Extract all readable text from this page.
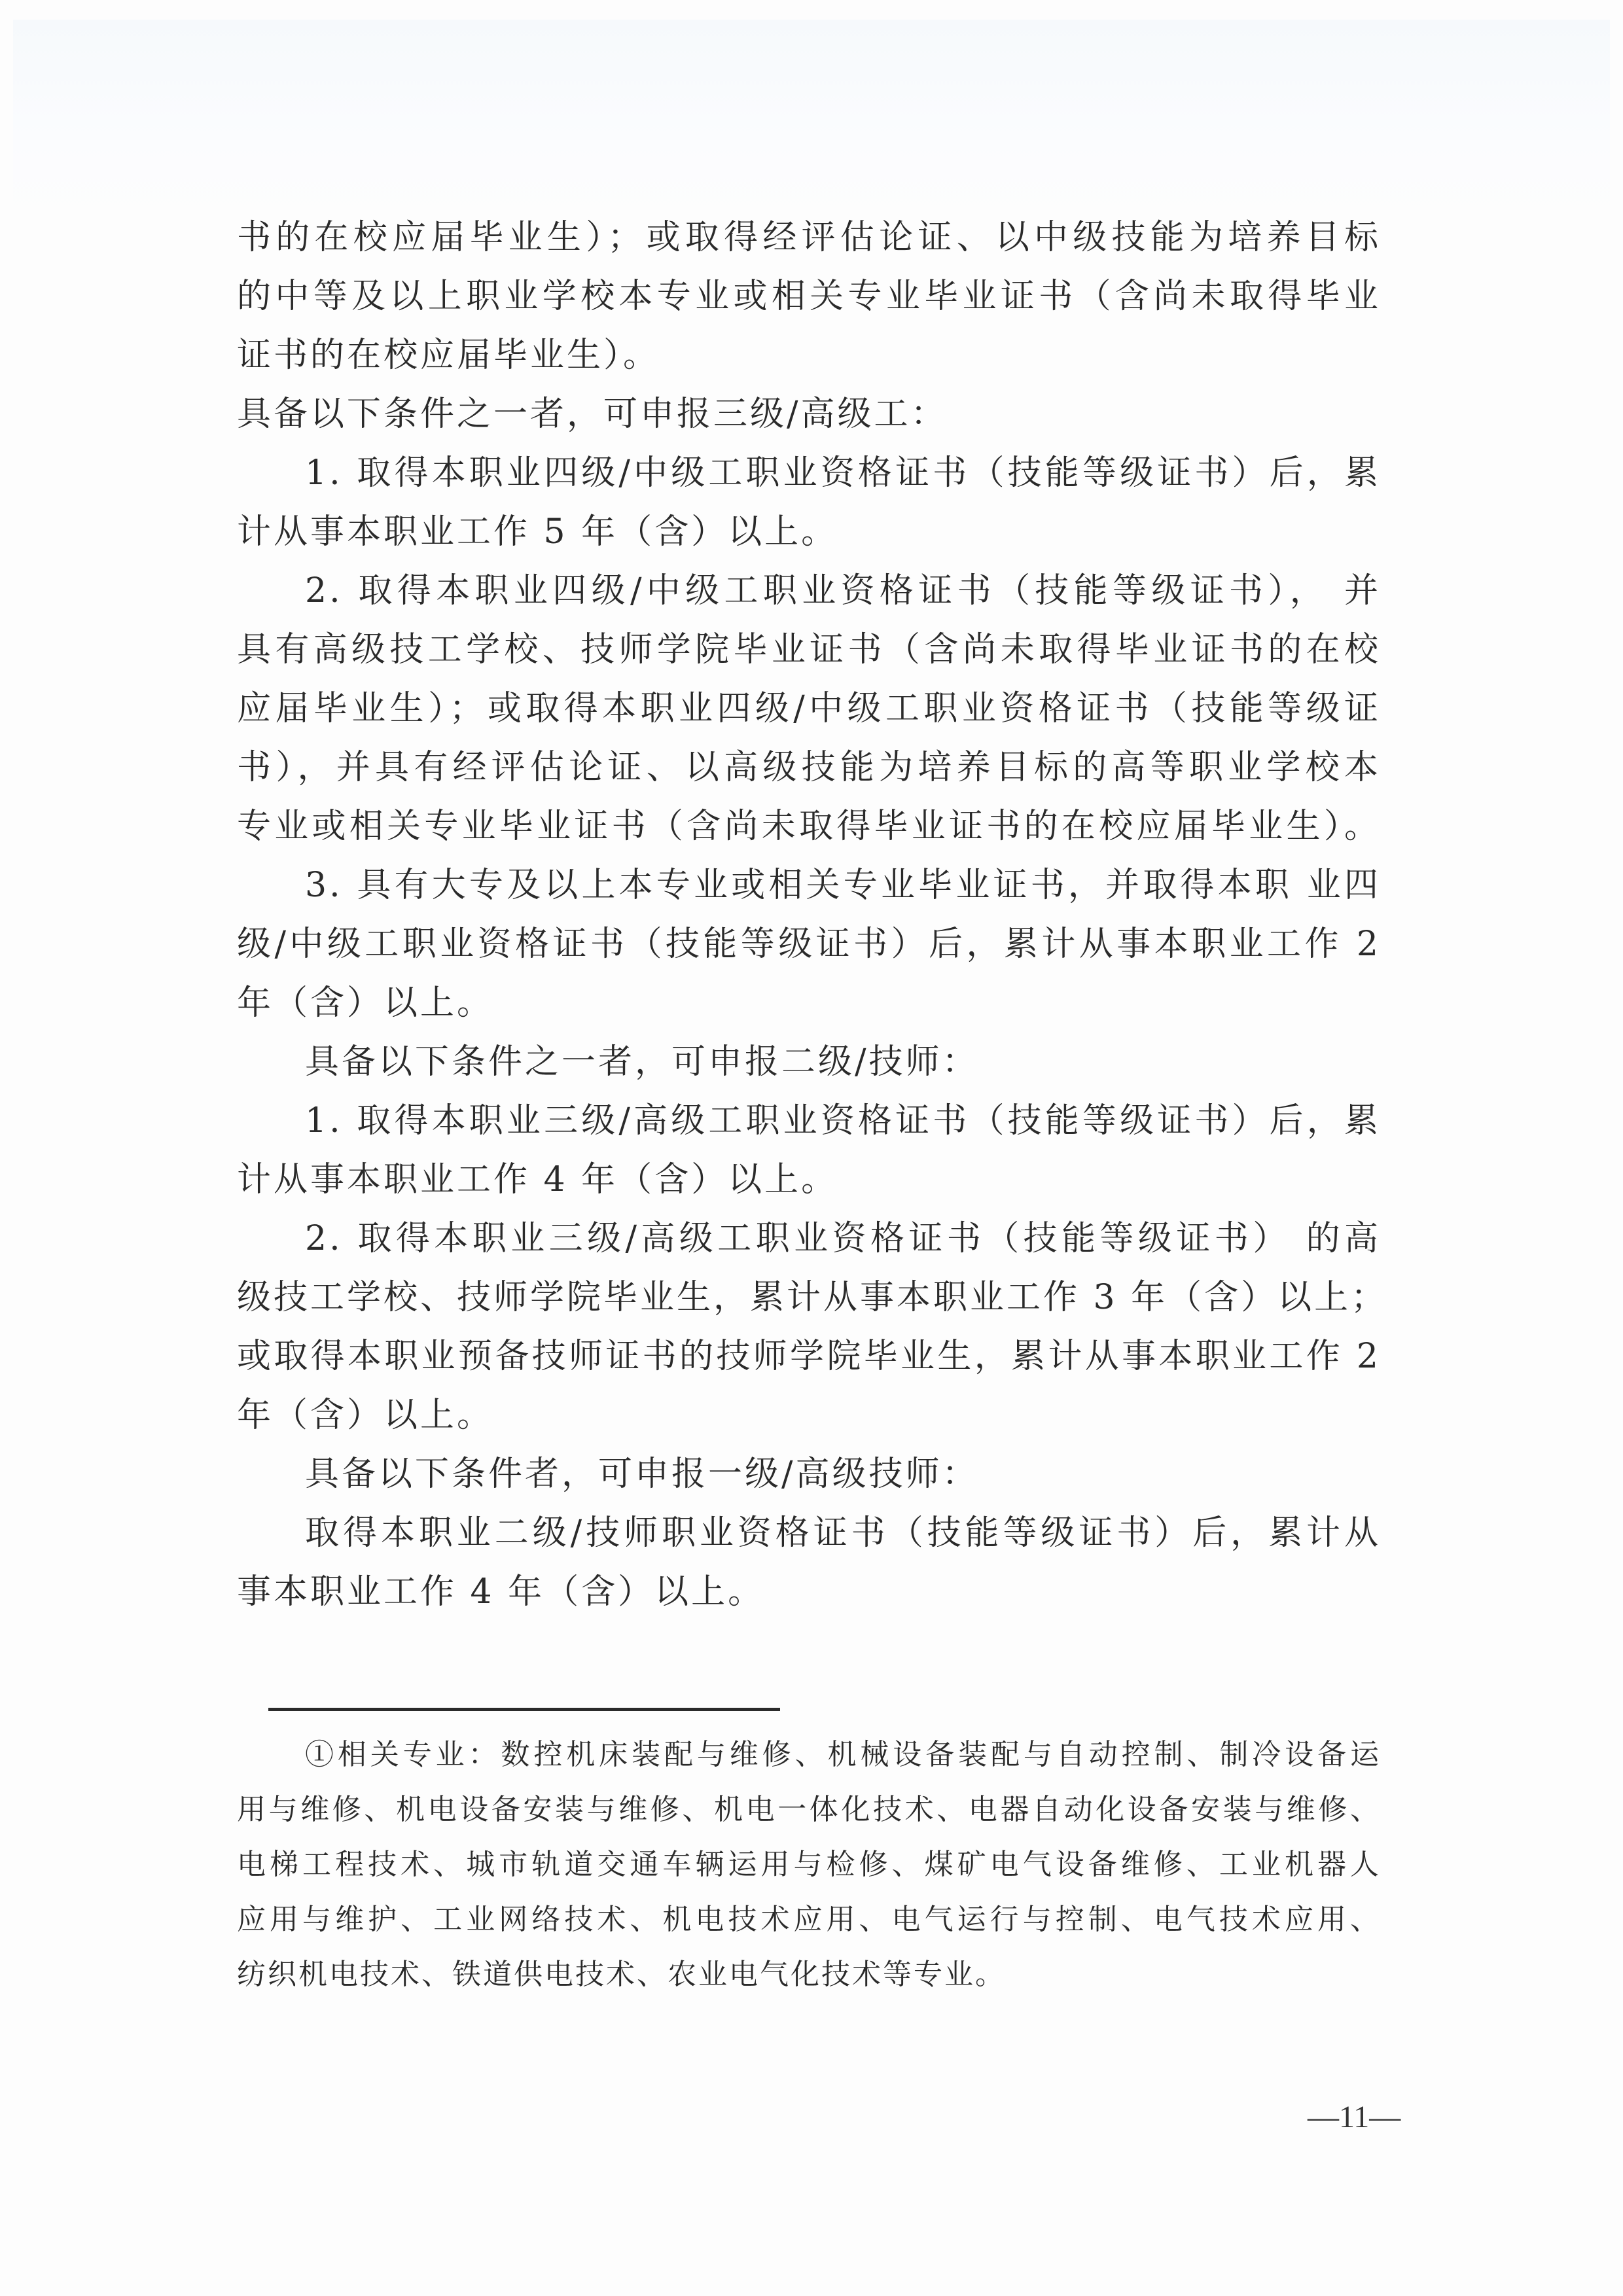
书的在校应届毕业生）；或取得经评估论证、以中级技能为培养目标
的中等及以上职业学校本专业或相关专业毕业证书（含尚未取得毕业
证书的在校应届毕业生）。
具备以下条件之一者，可申报三级/高级工：
1. 取得本职业四级/中级工职业资格证书（技能等级证书）后，累
计从事本职业工作 5 年（含）以上。
2. 取得本职业四级/中级工职业资格证书（技能等级证书）， 并
具有高级技工学校、技师学院毕业证书（含尚未取得毕业证书的在校
应届毕业生）；或取得本职业四级/中级工职业资格证书（技能等级证
书），并具有经评估论证、以高级技能为培养目标的高等职业学校本
专业或相关专业毕业证书（含尚未取得毕业证书的在校应届毕业生）。
3. 具有大专及以上本专业或相关专业毕业证书，并取得本职 业四
级/中级工职业资格证书（技能等级证书）后，累计从事本职业工作 2
年（含）以上。
具备以下条件之一者，可申报二级/技师：
1. 取得本职业三级/高级工职业资格证书（技能等级证书）后，累
计从事本职业工作 4 年（含）以上。
2. 取得本职业三级/高级工职业资格证书（技能等级证书） 的高
级技工学校、技师学院毕业生，累计从事本职业工作 3 年（含）以上；
或取得本职业预备技师证书的技师学院毕业生，累计从事本职业工作 2
年（含）以上。
具备以下条件者，可申报一级/高级技师：
取得本职业二级/技师职业资格证书（技能等级证书）后，累计从
事本职业工作 4 年（含）以上。
①相关专业：数控机床装配与维修、机械设备装配与自动控制、制冷设备运
用与维修、机电设备安装与维修、机电一体化技术、电器自动化设备安装与维修、
电梯工程技术、城市轨道交通车辆运用与检修、煤矿电气设备维修、工业机器人
应用与维护、工业网络技术、机电技术应用、电气运行与控制、电气技术应用、
纺织机电技术、铁道供电技术、农业电气化技术等专业。
—11—
